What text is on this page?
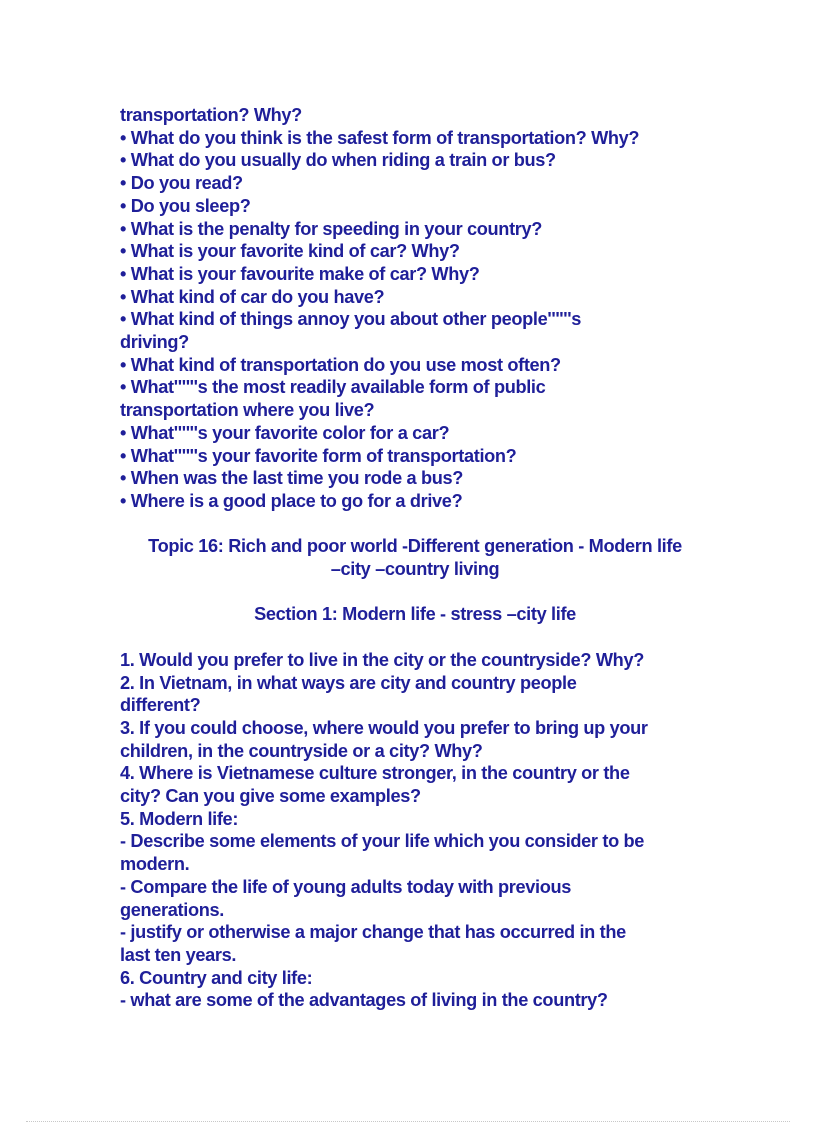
transportation? Why?
• What do you think is the safest form of transportation? Why?
• What do you usually do when riding a train or bus?
• Do you read?
• Do you sleep?
• What is the penalty for speeding in your country?
• What is your favorite kind of car? Why?
• What is your favourite make of car? Why?
• What kind of car do you have?
• What kind of things annoy you about other people''''''s
driving?
• What kind of transportation do you use most often?
• What''''''s the most readily available form of public
transportation where you live?
• What''''''s your favorite color for a car?
• What''''''s your favorite form of transportation?
• When was the last time you rode a bus?
• Where is a good place to go for a drive?
Topic 16: Rich and poor world -Different generation - Modern life
–city –country living
Section 1: Modern life - stress –city life
1. Would you prefer to live in the city or the countryside? Why?
2. In Vietnam, in what ways are city and country people
different?
3. If you could choose, where would you prefer to bring up your
children, in the countryside or a city? Why?
4. Where is Vietnamese culture stronger, in the country or the
city? Can you give some examples?
5. Modern life:
- Describe some elements of your life which you consider to be
modern.
- Compare the life of young adults today with previous
generations.
- justify or otherwise a major change that has occurred in the
last ten years.
6. Country and city life:
- what are some of the advantages of living in the country?
